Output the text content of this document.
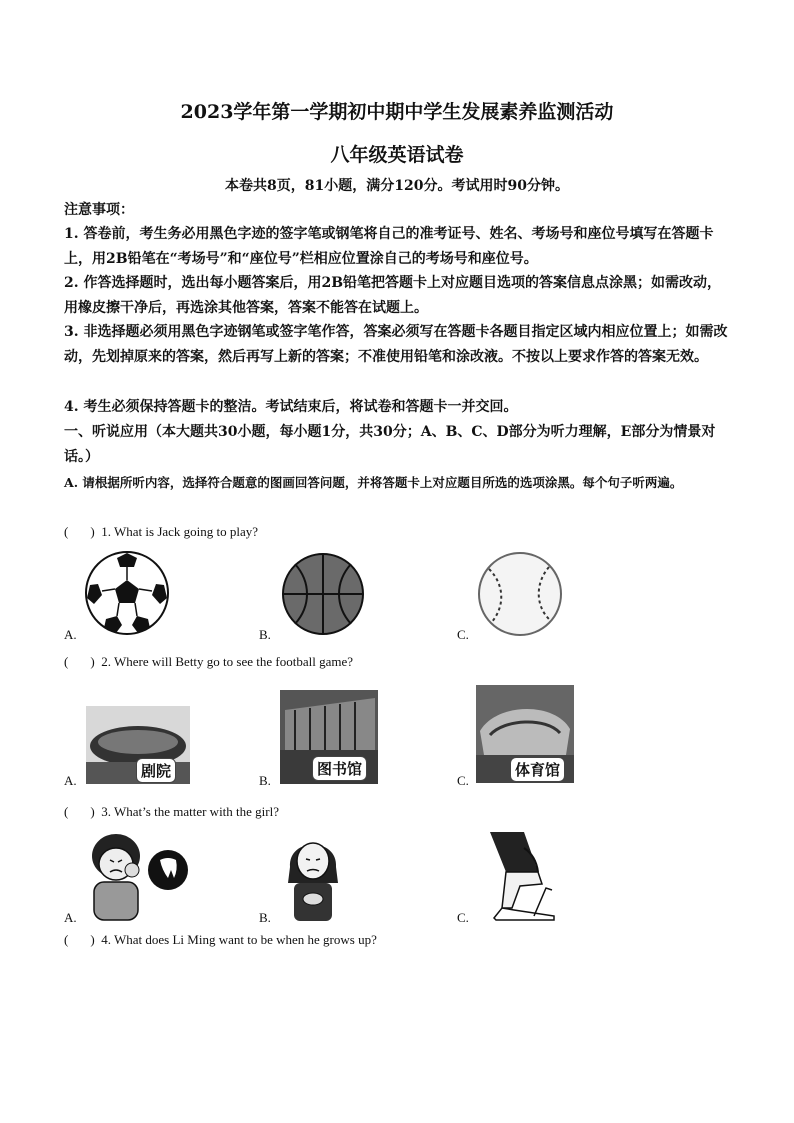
2023学年第一学期初中期中学生发展素养监测活动
八年级英语试卷
本卷共8页，81小题，满分120分。考试用时90分钟。
注意事项：
1. 答卷前，考生务必用黑色字迹的签字笔或钢笔将自己的准考证号、姓名、考场号和座位号填写在答题卡上，用2B铅笔在“考场号”和“座位号”栏相应位置涂自己的考场号和座位号。
2. 作答选择题时，选出每小题答案后，用2B铅笔把答题卡上对应题目选项的答案信息点涂黑；如需改动，用橡皮擦干净后，再选涂其他答案，答案不能答在试题上。
3. 非选择题必须用黑色字迹钢笔或签字笔作答，答案必须写在答题卡各题目指定区域内相应位置上；如需改动，先划掉原来的答案，然后再写上新的答案；不准使用铅笔和涂改液。不按以上要求作答的答案无效。
4. 考生必须保持答题卡的整洁。考试结束后，将试卷和答题卡一并交回。
一、听说应用（本大题共30小题，每小题1分，共30分；A、B、C、D部分为听力理解，E部分为情景对话。）
A. 请根据所听内容，选择符合题意的图画回答问题，并将答题卡上对应题目所选的选项涂黑。每个句子听两遍。
( ) 1. What is Jack going to play?
A.	B.	C.
( ) 2. Where will Betty go to see the football game?
A.	B.	C.
剧院	图书馆	体育馆
( ) 3. What’s the matter with the girl?
A.	B.	C.
( ) 4. What does Li Ming want to be when he grows up?
